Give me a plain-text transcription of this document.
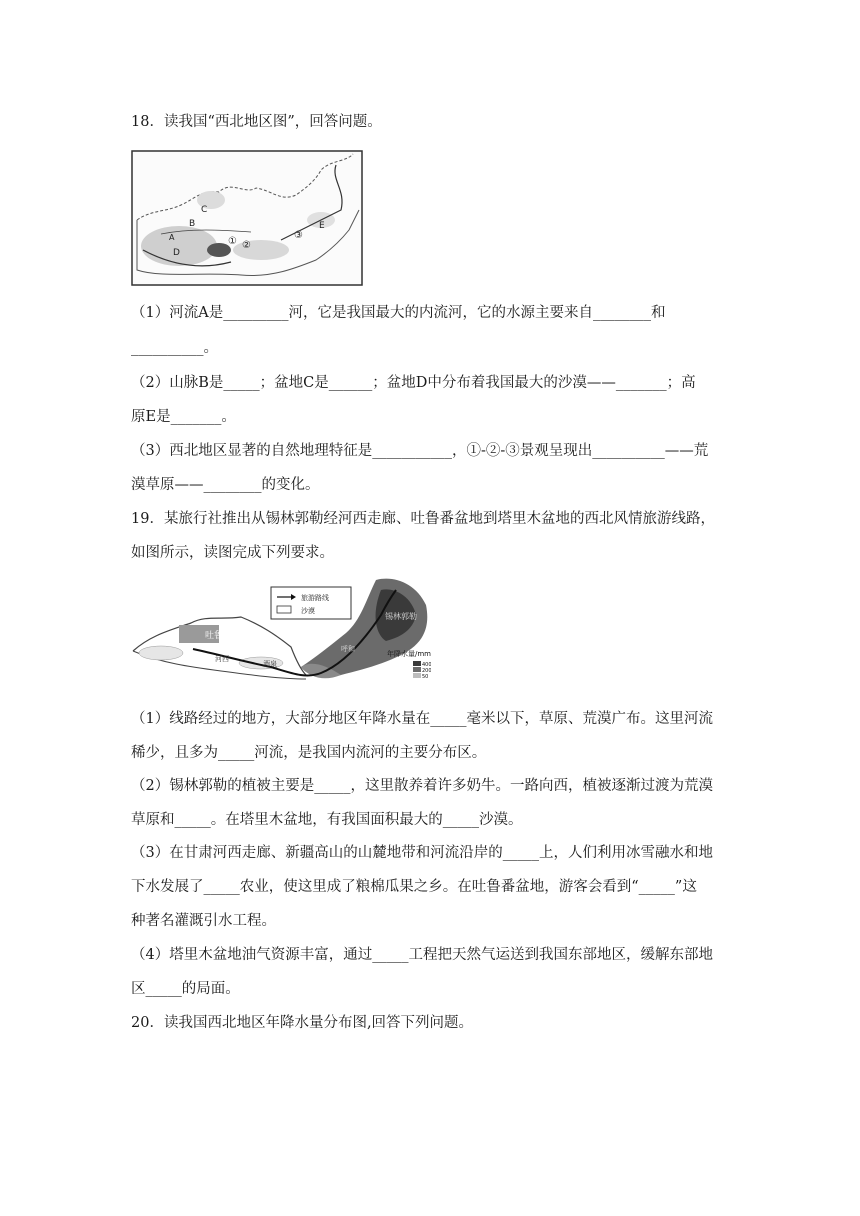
18．读我国“西北地区图”，回答问题。
C
B
D
E
A	① ②
③
（1）河流A是_________河，它是我国最大的内流河，它的水源主要来自________和
__________。
（2）山脉B是_____；盆地C是______；盆地D中分布着我国最大的沙漠——_______；高
原E是_______。
（3）西北地区显著的自然地理特征是___________，①-②-③景观呈现出__________——荒
漠草原——________的变化。
19．某旅行社推出从锡林郭勒经河西走廊、吐鲁番盆地到塔里木盆地的西北风情旅游线路，
如图所示，读图完成下列要求。
旅游路线
沙漠
吐鲁番
锡林郭勒
河西
酒泉
呼和
年降水量/mm
400
200
50
（1）线路经过的地方，大部分地区年降水量在_____毫米以下，草原、荒漠广布。这里河流
稀少，且多为_____河流，是我国内流河的主要分布区。
（2）锡林郭勒的植被主要是_____，这里散养着许多奶牛。一路向西，植被逐渐过渡为荒漠
草原和_____。在塔里木盆地，有我国面积最大的_____沙漠。
（3）在甘肃河西走廊、新疆高山的山麓地带和河流沿岸的_____上，人们利用冰雪融水和地
下水发展了_____农业，使这里成了粮棉瓜果之乡。在吐鲁番盆地，游客会看到“_____”这
种著名灌溉引水工程。
（4）塔里木盆地油气资源丰富，通过_____工程把天然气运送到我国东部地区，缓解东部地
区_____的局面。
20．读我国西北地区年降水量分布图,回答下列问题。
